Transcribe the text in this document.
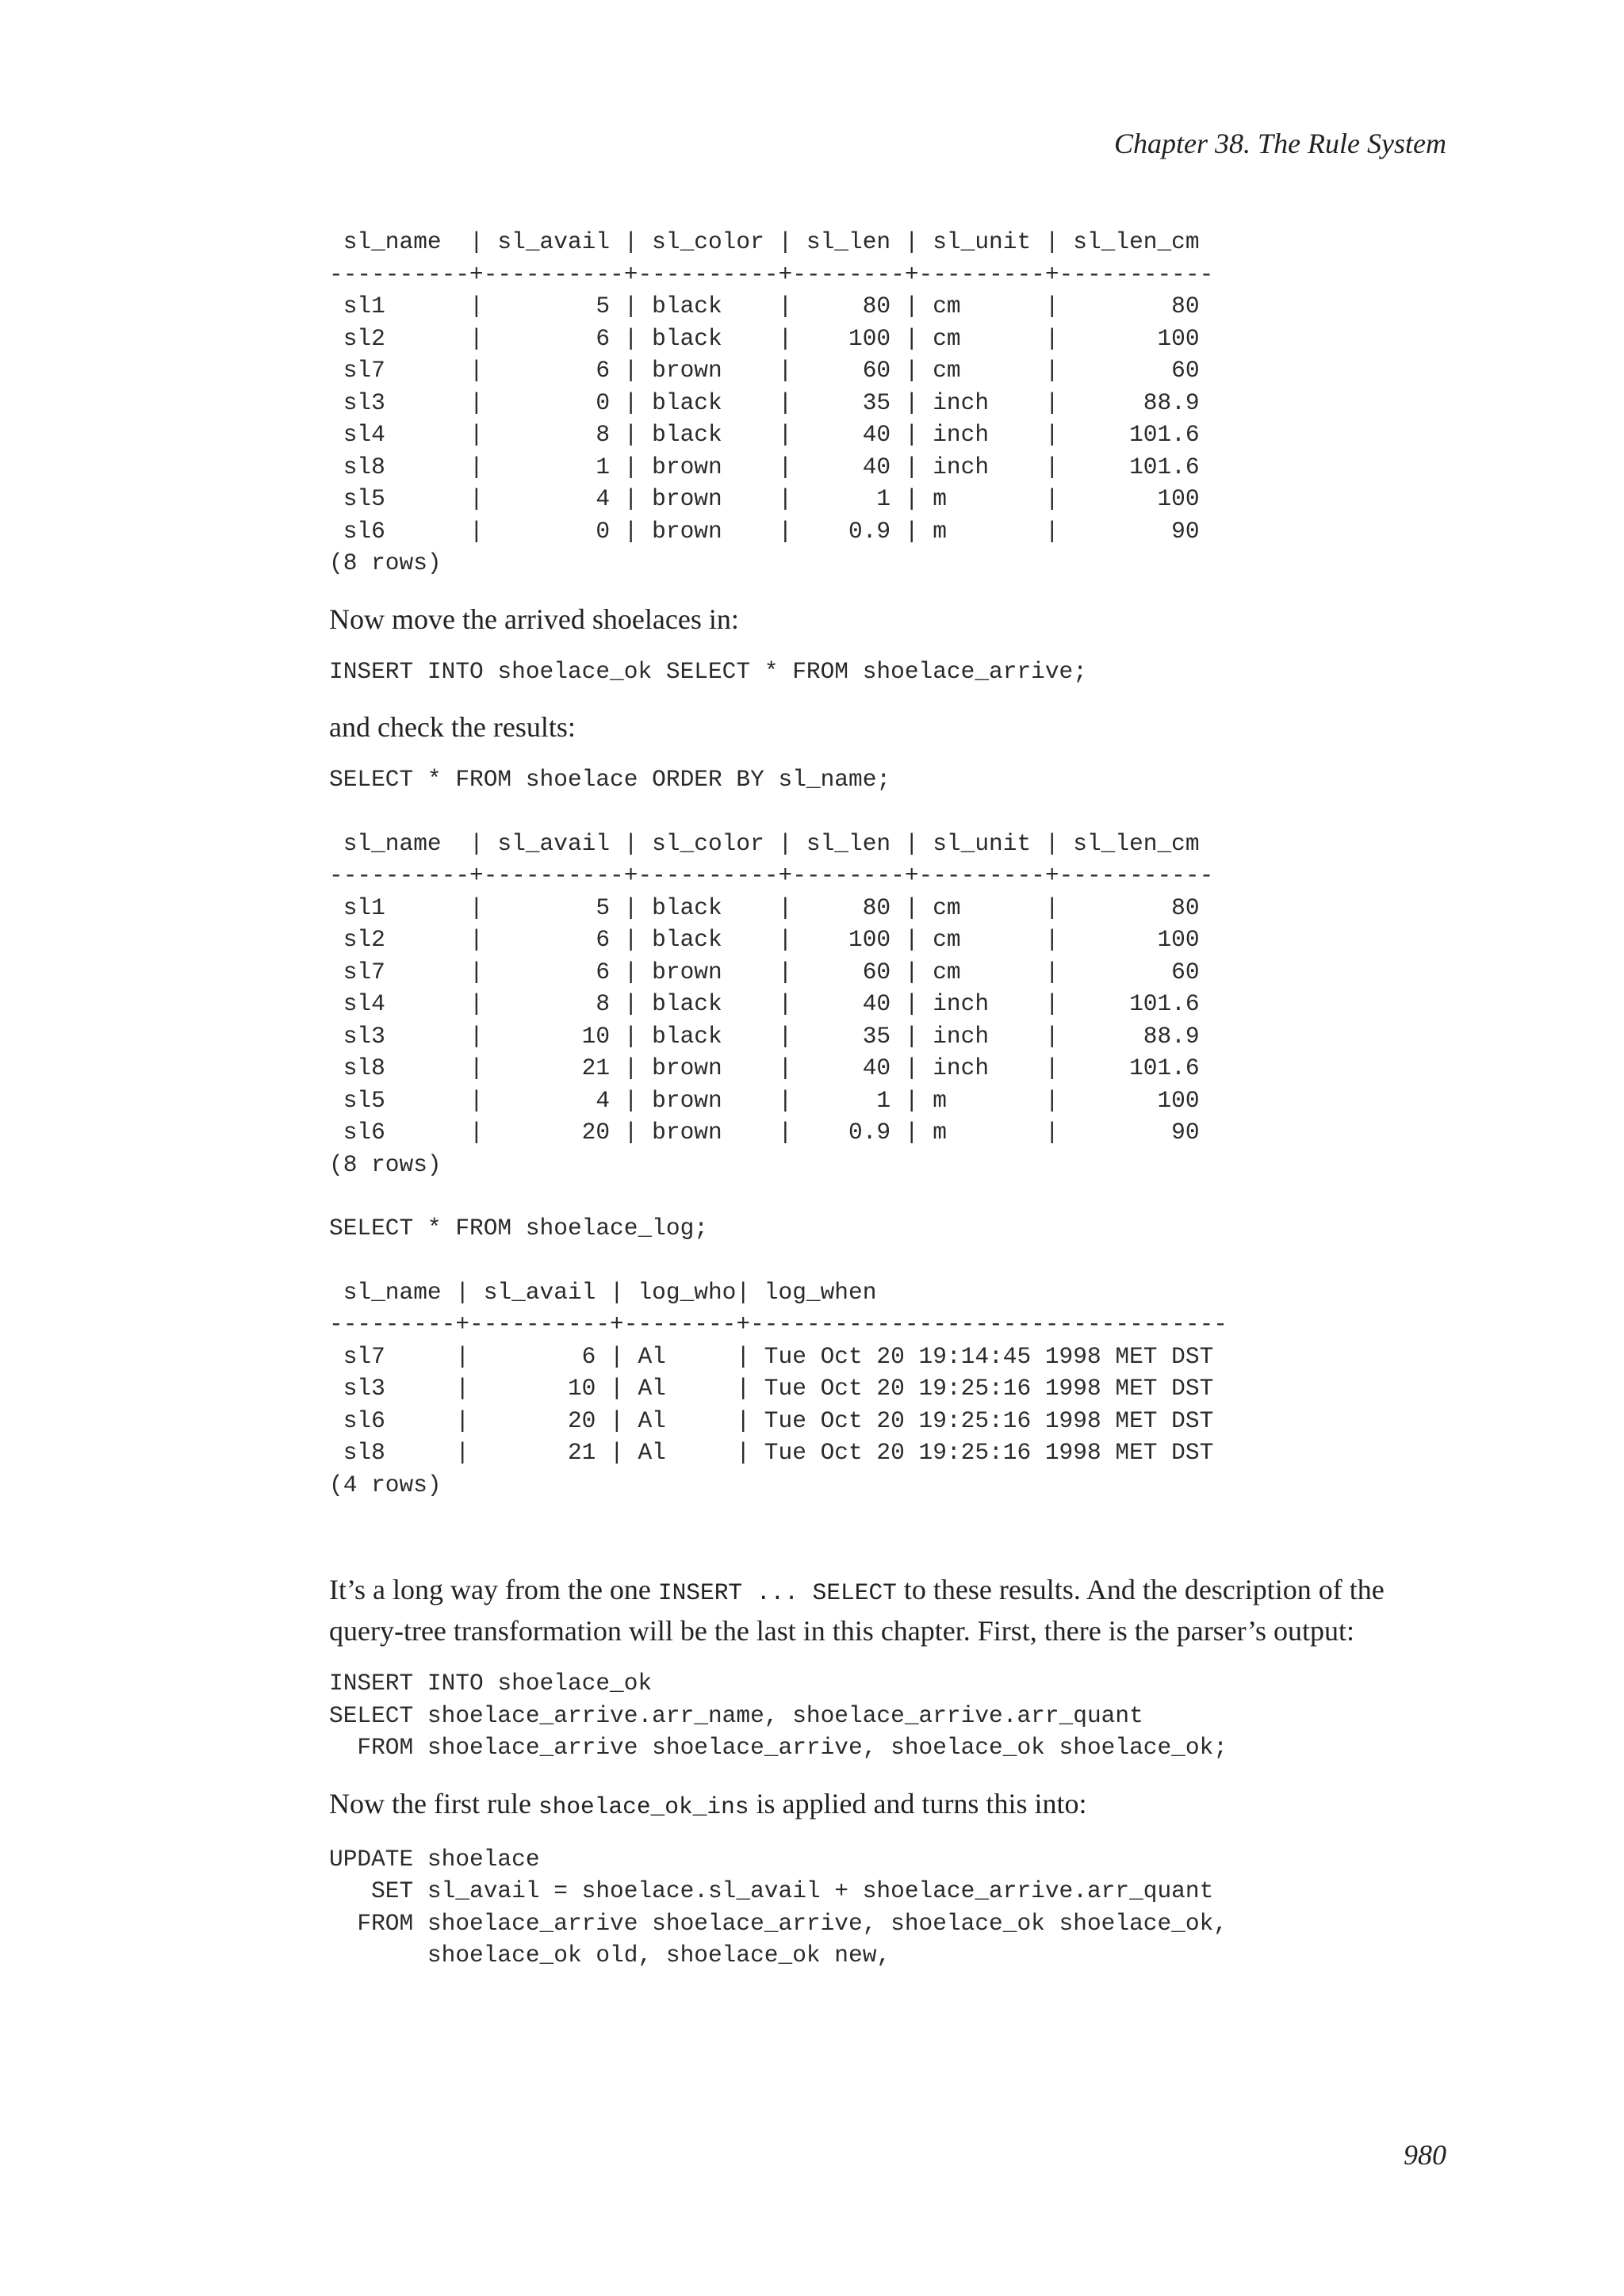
Chapter 38. The Rule System
sl_name  | sl_avail | sl_color | sl_len | sl_unit | sl_len_cm
----------+----------+----------+--------+---------+-----------
sl1      |        5 | black    |     80 | cm      |        80
sl2      |        6 | black    |    100 | cm      |       100
sl7      |        6 | brown    |     60 | cm      |        60
sl3      |        0 | black    |     35 | inch    |      88.9
sl4      |        8 | black    |     40 | inch    |     101.6
sl8      |        1 | brown    |     40 | inch    |     101.6
sl5      |        4 | brown    |      1 | m       |       100
sl6      |        0 | brown    |    0.9 | m       |        90
(8 rows)

Now move the arrived shoelaces in:

INSERT INTO shoelace_ok SELECT * FROM shoelace_arrive;

and check the results:

SELECT * FROM shoelace ORDER BY sl_name;
sl_name  | sl_avail | sl_color | sl_len | sl_unit | sl_len_cm
----------+----------+----------+--------+---------+-----------
sl1      |        5 | black    |     80 | cm      |        80
sl2      |        6 | black    |    100 | cm      |       100
sl7      |        6 | brown    |     60 | cm      |        60
sl4      |        8 | black    |     40 | inch    |     101.6
sl3      |       10 | black    |     35 | inch    |      88.9
sl8      |       21 | brown    |     40 | inch    |     101.6
sl5      |        4 | brown    |      1 | m       |       100
sl6      |       20 | brown    |    0.9 | m       |        90
(8 rows)
SELECT * FROM shoelace_log;
sl_name | sl_avail | log_who| log_when
---------+----------+--------+----------------------------------
sl7     |        6 | Al     | Tue Oct 20 19:14:45 1998 MET DST
sl3     |       10 | Al     | Tue Oct 20 19:25:16 1998 MET DST
sl6     |       20 | Al     | Tue Oct 20 19:25:16 1998 MET DST
sl8     |       21 | Al     | Tue Oct 20 19:25:16 1998 MET DST
(4 rows)

It’s a long way from the one INSERT ... SELECT to these results. And the description of the query-tree transformation will be the last in this chapter. First, there is the parser’s output:

INSERT INTO shoelace_ok
SELECT shoelace_arrive.arr_name, shoelace_arrive.arr_quant
FROM shoelace_arrive shoelace_arrive, shoelace_ok shoelace_ok;

Now the first rule shoelace_ok_ins is applied and turns this into:

UPDATE shoelace
SET sl_avail = shoelace.sl_avail + shoelace_arrive.arr_quant
FROM shoelace_arrive shoelace_arrive, shoelace_ok shoelace_ok,
shoelace_ok old, shoelace_ok new,
980
